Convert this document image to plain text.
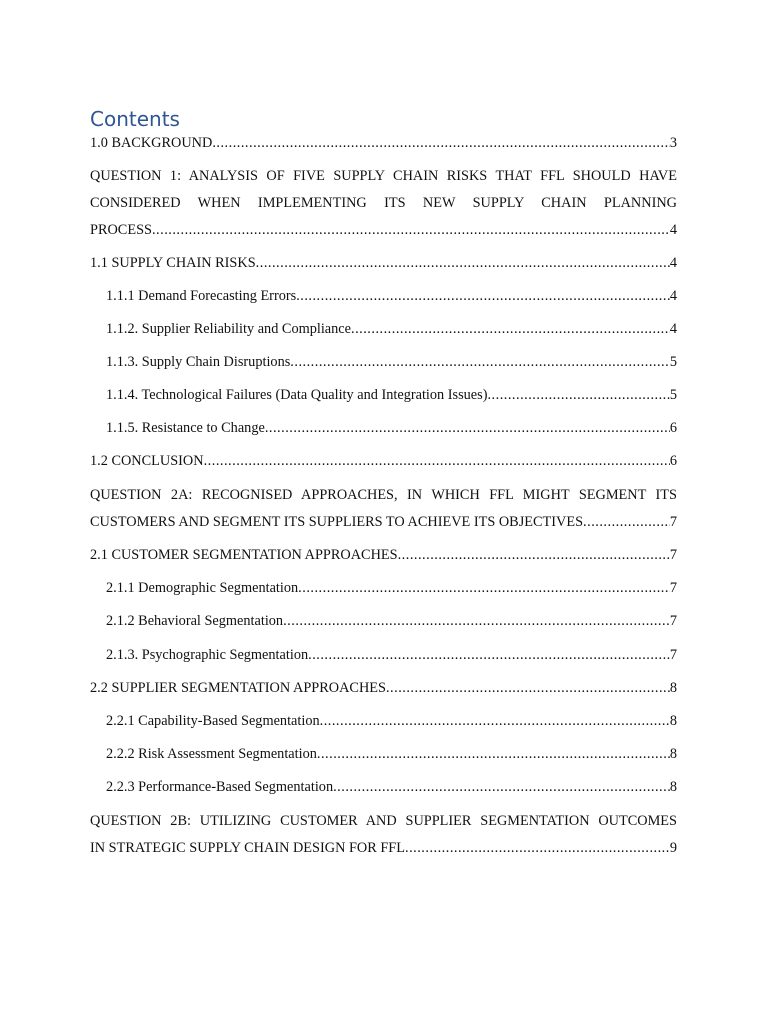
Contents
1.0 BACKGROUND .....	3
QUESTION 1: ANALYSIS OF FIVE SUPPLY CHAIN RISKS THAT FFL SHOULD HAVE
CONSIDERED WHEN IMPLEMENTING ITS NEW SUPPLY CHAIN PLANNING
PROCESS .....	4
1.1 SUPPLY CHAIN RISKS .....	4
1.1.1 Demand Forecasting Errors .....	4
1.1.2. Supplier Reliability and Compliance .....	4
1.1.3. Supply Chain Disruptions .....	5
1.1.4. Technological Failures (Data Quality and Integration Issues) .....	5
1.1.5. Resistance to Change .....	6
1.2 CONCLUSION .....	6
QUESTION 2A: RECOGNISED APPROACHES, IN WHICH FFL MIGHT SEGMENT ITS
CUSTOMERS AND SEGMENT ITS SUPPLIERS TO ACHIEVE ITS OBJECTIVES .....	7
2.1 CUSTOMER SEGMENTATION APPROACHES .....	7
2.1.1 Demographic Segmentation .....	7
2.1.2 Behavioral Segmentation .....	7
2.1.3. Psychographic Segmentation .....	7
2.2 SUPPLIER SEGMENTATION APPROACHES .....	8
2.2.1 Capability-Based Segmentation .....	8
2.2.2 Risk Assessment Segmentation .....	8
2.2.3 Performance-Based Segmentation .....	8
QUESTION 2B: UTILIZING CUSTOMER AND SUPPLIER SEGMENTATION OUTCOMES
IN STRATEGIC SUPPLY CHAIN DESIGN FOR FFL .....	9
